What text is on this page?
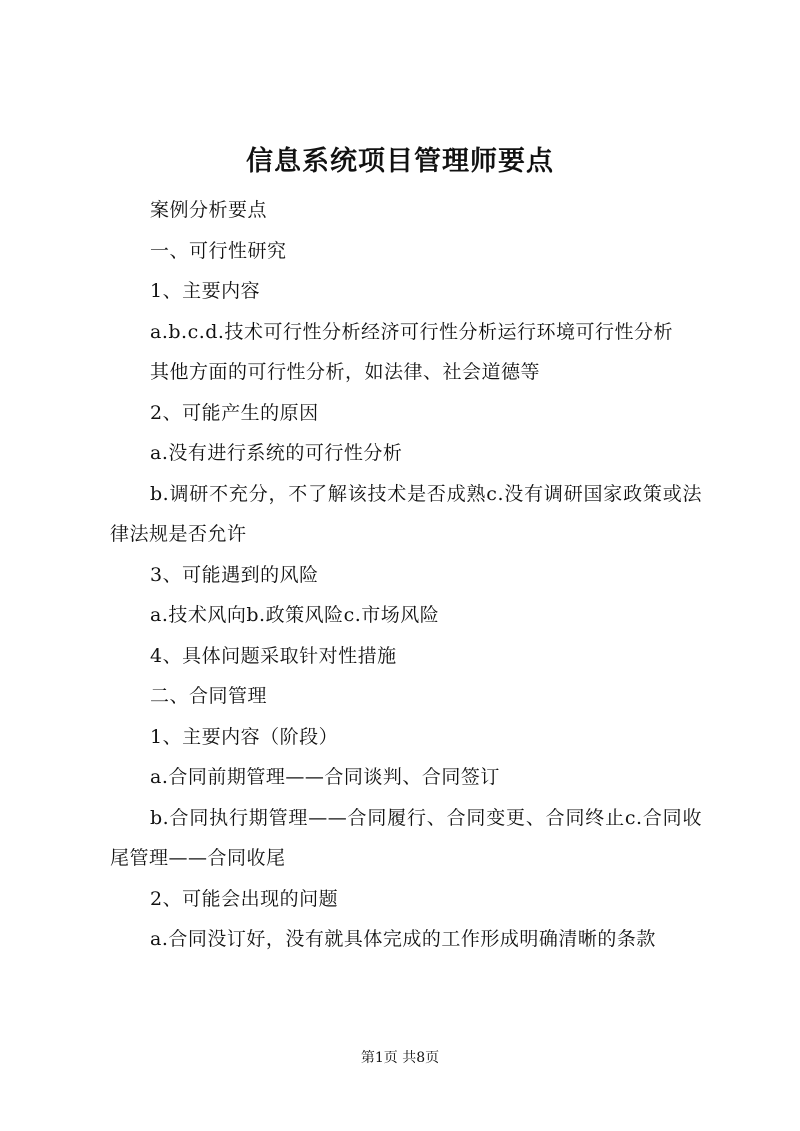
信息系统项目管理师要点

案例分析要点

一、可行性研究

1、主要内容

a.b.c.d.技术可行性分析经济可行性分析运行环境可行性分析

其他方面的可行性分析，如法律、社会道德等

2、可能产生的原因

a.没有进行系统的可行性分析

b.调研不充分，不了解该技术是否成熟c.没有调研国家政策或法律法规是否允许

3、可能遇到的风险

a.技术风向b.政策风险c.市场风险

4、具体问题采取针对性措施

二、合同管理

1、主要内容（阶段）

a.合同前期管理——合同谈判、合同签订

b.合同执行期管理——合同履行、合同变更、合同终止c.合同收尾管理——合同收尾

2、可能会出现的问题

a.合同没订好，没有就具体完成的工作形成明确清晰的条款

第1页 共8页
